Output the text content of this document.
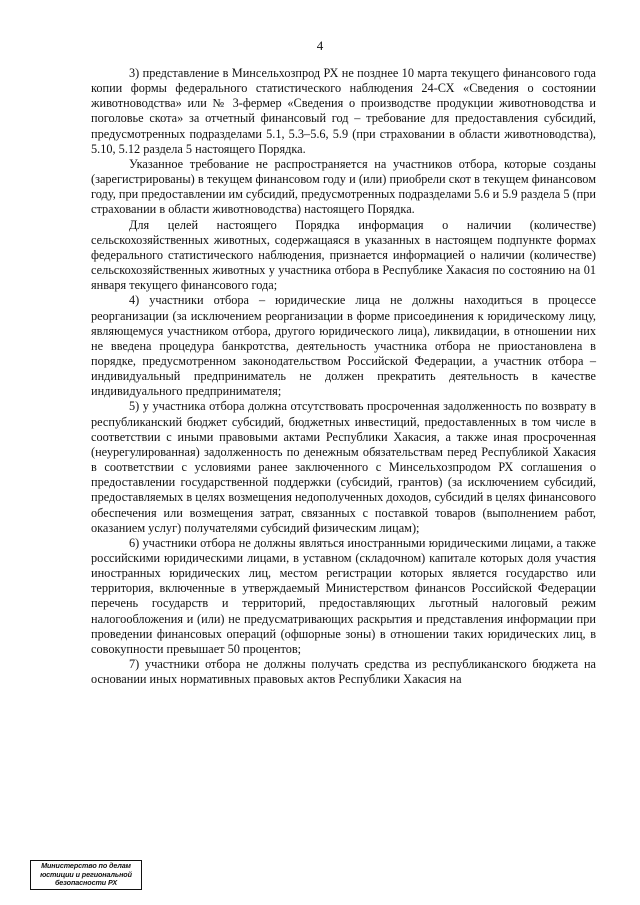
4

3) представление в Минсельхозпрод РХ не позднее 10 марта текущего финансового года копии формы федерального статистического наблюдения 24-СХ «Сведения о состоянии животноводства» или № 3-фермер «Сведения о производстве продукции животноводства и поголовье скота» за отчетный финансовый год – требование для предоставления субсидий, предусмотренных подразделами 5.1, 5.3–5.6, 5.9 (при страховании в области животноводства), 5.10, 5.12 раздела 5 настоящего Порядка.

Указанное требование не распространяется на участников отбора, которые созданы (зарегистрированы) в текущем финансовом году и (или) приобрели скот в текущем финансовом году, при предоставлении им субсидий, предусмотренных подразделами 5.6 и 5.9 раздела 5 (при страховании в области животноводства) настоящего Порядка.

Для целей настоящего Порядка информация о наличии (количестве) сельскохозяйственных животных, содержащаяся в указанных в настоящем подпункте формах федерального статистического наблюдения, признается информацией о наличии (количестве) сельскохозяйственных животных у участника отбора в Республике Хакасия по состоянию на 01 января текущего финансового года;

4) участники отбора – юридические лица не должны находиться в процессе реорганизации (за исключением реорганизации в форме присоединения к юридическому лицу, являющемуся участником отбора, другого юридического лица), ликвидации, в отношении них не введена процедура банкротства, деятельность участника отбора не приостановлена в порядке, предусмотренном законодательством Российской Федерации, а участник отбора – индивидуальный предприниматель не должен прекратить деятельность в качестве индивидуального предпринимателя;

5) у участника отбора должна отсутствовать просроченная задолженность по возврату в республиканский бюджет субсидий, бюджетных инвестиций, предоставленных в том числе в соответствии с иными правовыми актами Республики Хакасия, а также иная просроченная (неурегулированная) задолженность по денежным обязательствам перед Республикой Хакасия в соответствии с условиями ранее заключенного с Минсельхозпродом РХ соглашения о предоставлении государственной поддержки (субсидий, грантов) (за исключением субсидий, предоставляемых в целях возмещения недополученных доходов, субсидий в целях финансового обеспечения или возмещения затрат, связанных с поставкой товаров (выполнением работ, оказанием услуг) получателями субсидий физическим лицам);

6) участники отбора не должны являться иностранными юридическими лицами, а также российскими юридическими лицами, в уставном (складочном) капитале которых доля участия иностранных юридических лиц, местом регистрации которых является государство или территория, включенные в утверждаемый Министерством финансов Российской Федерации перечень государств и территорий, предоставляющих льготный налоговый режим налогообложения и (или) не предусматривающих раскрытия и представления информации при проведении финансовых операций (офшорные зоны) в отношении таких юридических лиц, в совокупности превышает 50 процентов;

7) участники отбора не должны получать средства из республиканского бюджета на основании иных нормативных правовых актов Республики Хакасия на

Министерство по делам
юстиции и региональной
безопасности РХ
